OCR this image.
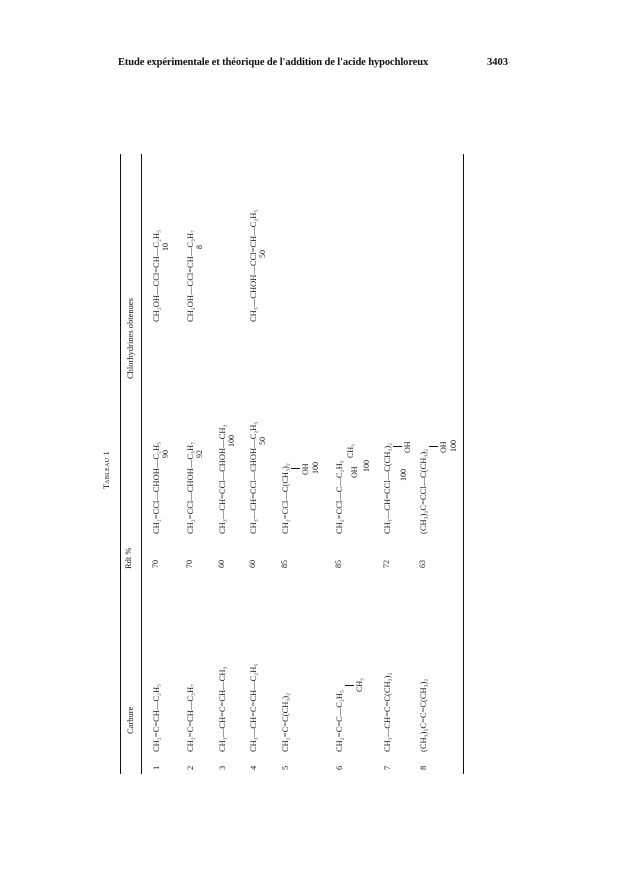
Etude expérimentale et théorique de l'addition de l'acide hypochloreux	3403
Tableau 1
Carbure
Rdt %
Chlorhydrines obtenues
1
CH₂=C=CH—C₂H₅
70
CH₂=CCl—CHOH—C₂H₅ 90
CH₂OH—CCl=CH—C₂H₅ 10
2
CH₂=C=CH—C₃H₇
70
CH₂=CCl—CHOH—C₃H₇ 92
CH₂OH—CCl=CH—C₃H₇ 8
3
CH₃—CH=C=CH—CH₃
60
CH₃—CH=CCl—CHOH—CH₃ 100
4
CH₃—CH=C=CH—C₂H₅
60
CH₃—CH=CCl—CHOH—C₂H₅ 50
CH₃—CHOH—CCl=CH—C₂H₅ 50
5
CH₂=C=C(CH₃)₂
85
CH₂=CCl—C(CH₃)₂ OH 100
6
CH₂=C=C—C₂H₅
CH₃
85
CH₂=CCl—C—C₂H₅ OH
CH₃
100
7
CH₃—CH=C=C(CH₃)₂
72
CH₃—CH=CCl—C(CH₃)₂ OH
100
8
(CH₃)₂C=C=C(CH₃)₂
63
(CH₃)₂C=CCl—C(CH₃)₂
OH 100
